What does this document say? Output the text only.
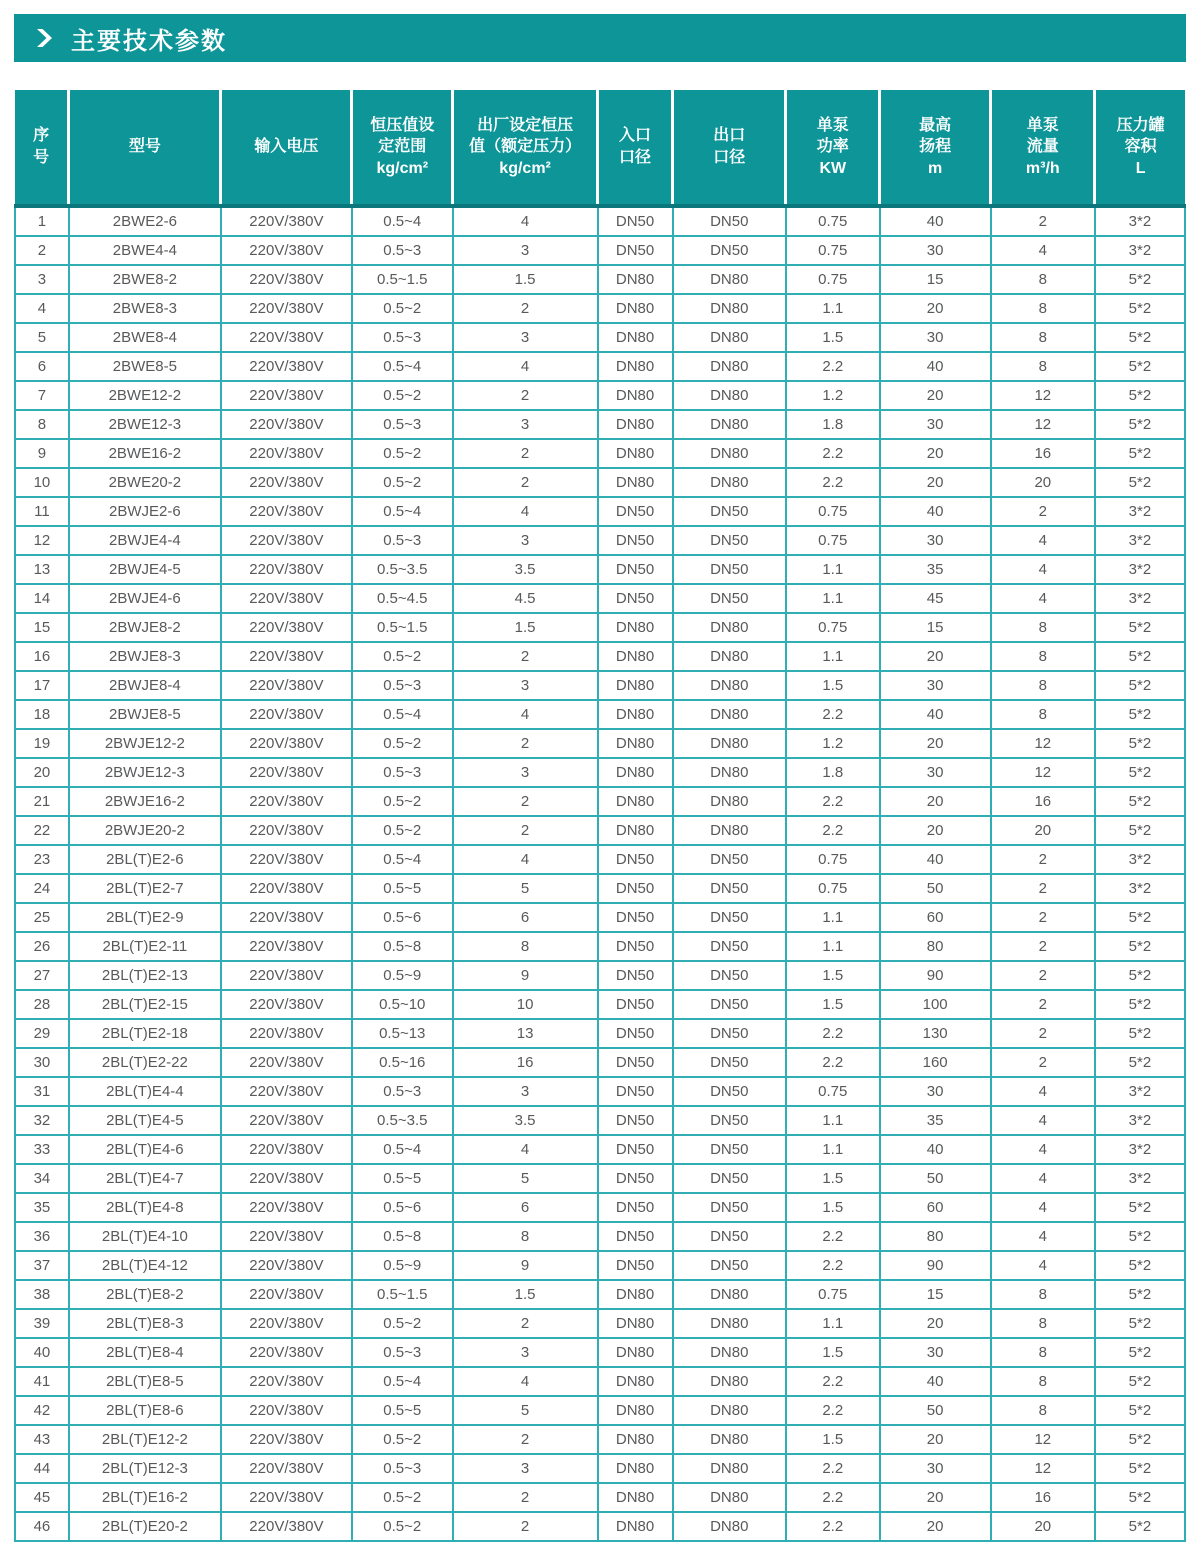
主要技术参数
序
号	型号	输入电压	恒压值设
定范围
kg/cm²	出厂设定恒压
值（额定压力）
kg/cm²	入口
口径	出口
口径	单泵
功率
KW	最高
扬程
m	单泵
流量
m³/h	压力罐
容积
L
1	2BWE2-6	220V/380V	0.5~4	4	DN50	DN50	0.75	40	2	3*2
2	2BWE4-4	220V/380V	0.5~3	3	DN50	DN50	0.75	30	4	3*2
3	2BWE8-2	220V/380V	0.5~1.5	1.5	DN80	DN80	0.75	15	8	5*2
4	2BWE8-3	220V/380V	0.5~2	2	DN80	DN80	1.1	20	8	5*2
5	2BWE8-4	220V/380V	0.5~3	3	DN80	DN80	1.5	30	8	5*2
6	2BWE8-5	220V/380V	0.5~4	4	DN80	DN80	2.2	40	8	5*2
7	2BWE12-2	220V/380V	0.5~2	2	DN80	DN80	1.2	20	12	5*2
8	2BWE12-3	220V/380V	0.5~3	3	DN80	DN80	1.8	30	12	5*2
9	2BWE16-2	220V/380V	0.5~2	2	DN80	DN80	2.2	20	16	5*2
10	2BWE20-2	220V/380V	0.5~2	2	DN80	DN80	2.2	20	20	5*2
11	2BWJE2-6	220V/380V	0.5~4	4	DN50	DN50	0.75	40	2	3*2
12	2BWJE4-4	220V/380V	0.5~3	3	DN50	DN50	0.75	30	4	3*2
13	2BWJE4-5	220V/380V	0.5~3.5	3.5	DN50	DN50	1.1	35	4	3*2
14	2BWJE4-6	220V/380V	0.5~4.5	4.5	DN50	DN50	1.1	45	4	3*2
15	2BWJE8-2	220V/380V	0.5~1.5	1.5	DN80	DN80	0.75	15	8	5*2
16	2BWJE8-3	220V/380V	0.5~2	2	DN80	DN80	1.1	20	8	5*2
17	2BWJE8-4	220V/380V	0.5~3	3	DN80	DN80	1.5	30	8	5*2
18	2BWJE8-5	220V/380V	0.5~4	4	DN80	DN80	2.2	40	8	5*2
19	2BWJE12-2	220V/380V	0.5~2	2	DN80	DN80	1.2	20	12	5*2
20	2BWJE12-3	220V/380V	0.5~3	3	DN80	DN80	1.8	30	12	5*2
21	2BWJE16-2	220V/380V	0.5~2	2	DN80	DN80	2.2	20	16	5*2
22	2BWJE20-2	220V/380V	0.5~2	2	DN80	DN80	2.2	20	20	5*2
23	2BL(T)E2-6	220V/380V	0.5~4	4	DN50	DN50	0.75	40	2	3*2
24	2BL(T)E2-7	220V/380V	0.5~5	5	DN50	DN50	0.75	50	2	3*2
25	2BL(T)E2-9	220V/380V	0.5~6	6	DN50	DN50	1.1	60	2	5*2
26	2BL(T)E2-11	220V/380V	0.5~8	8	DN50	DN50	1.1	80	2	5*2
27	2BL(T)E2-13	220V/380V	0.5~9	9	DN50	DN50	1.5	90	2	5*2
28	2BL(T)E2-15	220V/380V	0.5~10	10	DN50	DN50	1.5	100	2	5*2
29	2BL(T)E2-18	220V/380V	0.5~13	13	DN50	DN50	2.2	130	2	5*2
30	2BL(T)E2-22	220V/380V	0.5~16	16	DN50	DN50	2.2	160	2	5*2
31	2BL(T)E4-4	220V/380V	0.5~3	3	DN50	DN50	0.75	30	4	3*2
32	2BL(T)E4-5	220V/380V	0.5~3.5	3.5	DN50	DN50	1.1	35	4	3*2
33	2BL(T)E4-6	220V/380V	0.5~4	4	DN50	DN50	1.1	40	4	3*2
34	2BL(T)E4-7	220V/380V	0.5~5	5	DN50	DN50	1.5	50	4	3*2
35	2BL(T)E4-8	220V/380V	0.5~6	6	DN50	DN50	1.5	60	4	5*2
36	2BL(T)E4-10	220V/380V	0.5~8	8	DN50	DN50	2.2	80	4	5*2
37	2BL(T)E4-12	220V/380V	0.5~9	9	DN50	DN50	2.2	90	4	5*2
38	2BL(T)E8-2	220V/380V	0.5~1.5	1.5	DN80	DN80	0.75	15	8	5*2
39	2BL(T)E8-3	220V/380V	0.5~2	2	DN80	DN80	1.1	20	8	5*2
40	2BL(T)E8-4	220V/380V	0.5~3	3	DN80	DN80	1.5	30	8	5*2
41	2BL(T)E8-5	220V/380V	0.5~4	4	DN80	DN80	2.2	40	8	5*2
42	2BL(T)E8-6	220V/380V	0.5~5	5	DN80	DN80	2.2	50	8	5*2
43	2BL(T)E12-2	220V/380V	0.5~2	2	DN80	DN80	1.5	20	12	5*2
44	2BL(T)E12-3	220V/380V	0.5~3	3	DN80	DN80	2.2	30	12	5*2
45	2BL(T)E16-2	220V/380V	0.5~2	2	DN80	DN80	2.2	20	16	5*2
46	2BL(T)E20-2	220V/380V	0.5~2	2	DN80	DN80	2.2	20	20	5*2
